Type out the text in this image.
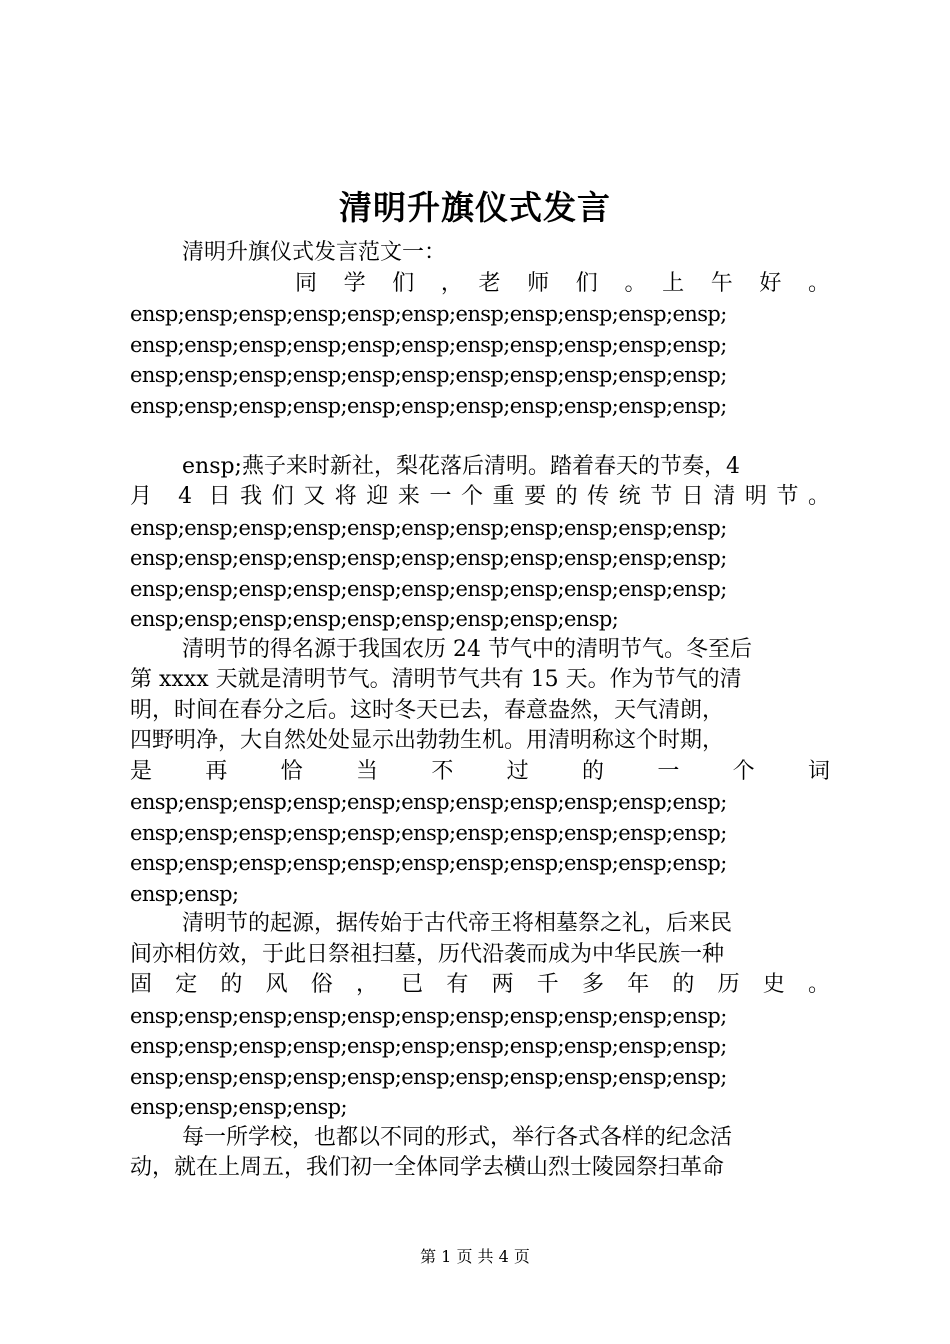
清明升旗仪式发言
清明升旗仪式发言范文一：
同　学　们　，　老　师　们　。　上　午　好　。
ensp;ensp;ensp;ensp;ensp;ensp;ensp;ensp;ensp;ensp;ensp;
ensp;ensp;ensp;ensp;ensp;ensp;ensp;ensp;ensp;ensp;ensp;
ensp;ensp;ensp;ensp;ensp;ensp;ensp;ensp;ensp;ensp;ensp;
ensp;ensp;ensp;ensp;ensp;ensp;ensp;ensp;ensp;ensp;ensp;
ensp;燕子来时新社，梨花落后清明。踏着春天的节奏，4
月 4 日我们又将迎来一个重要的传统节日清明节。
ensp;ensp;ensp;ensp;ensp;ensp;ensp;ensp;ensp;ensp;ensp;
ensp;ensp;ensp;ensp;ensp;ensp;ensp;ensp;ensp;ensp;ensp;
ensp;ensp;ensp;ensp;ensp;ensp;ensp;ensp;ensp;ensp;ensp;
ensp;ensp;ensp;ensp;ensp;ensp;ensp;ensp;ensp;
清明节的得名源于我国农历 24 节气中的清明节气。冬至后
第 xxxx 天就是清明节气。清明节气共有 15 天。作为节气的清
明，时间在春分之后。这时冬天已去，春意盎然，天气清朗，
四野明净，大自然处处显示出勃勃生机。用清明称这个时期，
是 再 恰 当 不 过 的 一 个 词
ensp;ensp;ensp;ensp;ensp;ensp;ensp;ensp;ensp;ensp;ensp;
ensp;ensp;ensp;ensp;ensp;ensp;ensp;ensp;ensp;ensp;ensp;
ensp;ensp;ensp;ensp;ensp;ensp;ensp;ensp;ensp;ensp;ensp;
ensp;ensp;
清明节的起源，据传始于古代帝王将相墓祭之礼，后来民
间亦相仿效，于此日祭祖扫墓，历代沿袭而成为中华民族一种
固 定 的 风 俗 ， 已 有 两 千 多 年 的 历 史 。
ensp;ensp;ensp;ensp;ensp;ensp;ensp;ensp;ensp;ensp;ensp;
ensp;ensp;ensp;ensp;ensp;ensp;ensp;ensp;ensp;ensp;ensp;
ensp;ensp;ensp;ensp;ensp;ensp;ensp;ensp;ensp;ensp;ensp;
ensp;ensp;ensp;ensp;
每一所学校，也都以不同的形式，举行各式各样的纪念活
动，就在上周五，我们初一全体同学去横山烈士陵园祭扫革命
第 1 页 共 4 页
